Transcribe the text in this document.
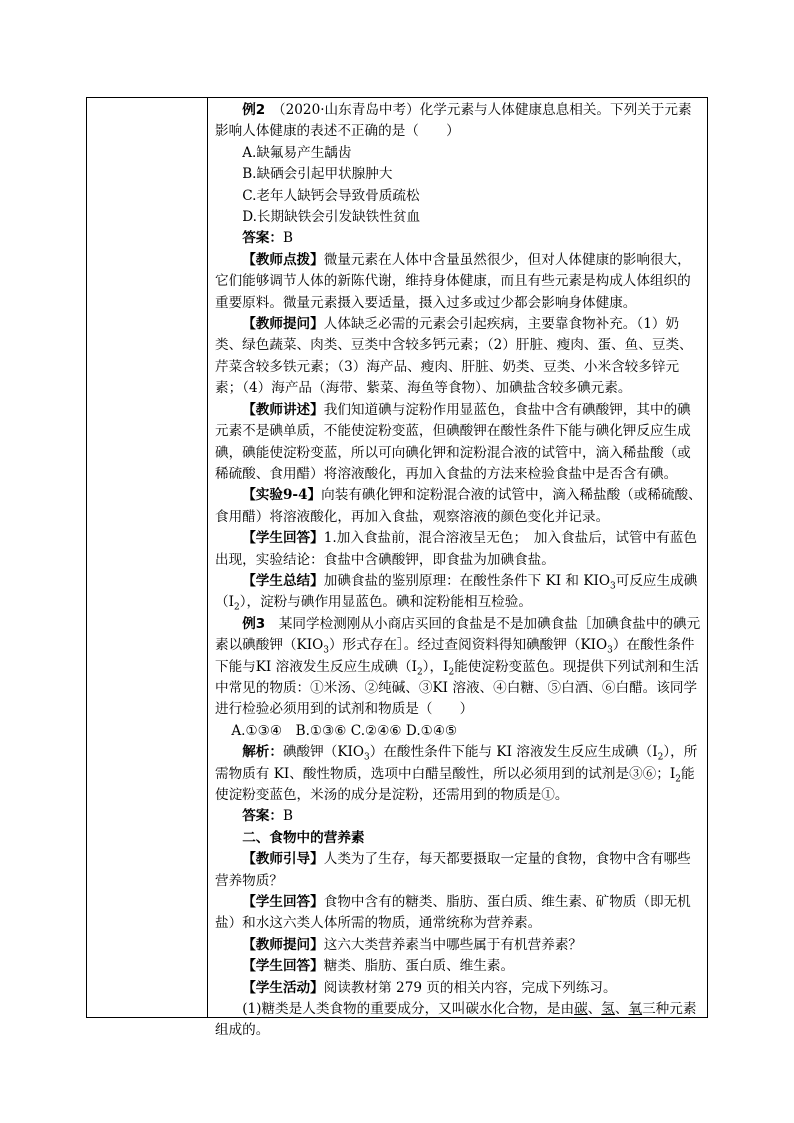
例2　 （2020·山东青岛中考）化学元素与人体健康息息相关。下列关于元素影响人体健康的表述不正确的是（　　）

A.缺氟易产生龋齿

B.缺硒会引起甲状腺肿大

C.老年人缺钙会导致骨质疏松

D.长期缺铁会引发缺铁性贫血

答案：B

【教师点拨】微量元素在人体中含量虽然很少，但对人体健康的影响很大，它们能够调节人体的新陈代谢，维持身体健康，而且有些元素是构成人体组织的重要原料。微量元素摄入要适量，摄入过多或过少都会影响身体健康。

【教师提问】人体缺乏必需的元素会引起疾病，主要靠食物补充。（1）奶类、绿色蔬菜、肉类、豆类中含较多钙元素；（2）肝脏、瘦肉、蛋、鱼、豆类、芹菜含较多铁元素；（3）海产品、瘦肉、肝脏、奶类、豆类、小米含较多锌元素；（4）海产品（海带、紫菜、海鱼等食物）、加碘盐含较多碘元素。

【教师讲述】我们知道碘与淀粉作用显蓝色，食盐中含有碘酸钾，其中的碘元素不是碘单质，不能使淀粉变蓝，但碘酸钾在酸性条件下能与碘化钾反应生成碘，碘能使淀粉变蓝，所以可向碘化钾和淀粉混合液的试管中，滴入稀盐酸（或稀硫酸、食用醋）将溶液酸化，再加入食盐的方法来检验食盐中是否含有碘。

【实验9-4】向装有碘化钾和淀粉混合液的试管中，滴入稀盐酸（或稀硫酸、食用醋）将溶液酸化，再加入食盐，观察溶液的颜色变化并记录。

【学生回答】1.加入食盐前，混合溶液呈无色；　加入食盐后，试管中有蓝色出现，实验结论：食盐中含碘酸钾，即食盐为加碘食盐。

【学生总结】加碘食盐的鉴别原理：在酸性条件下 KI 和 $KIO_3$可反应生成碘$(I_2)$，淀粉与碘作用显蓝色。碘和淀粉能相互检验。

例3　 某同学检测刚从小商店买回的食盐是不是加碘食盐［加碘食盐中的碘元素以碘酸钾$(KIO_3)$形式存在］。经过查阅资料得知碘酸钾$(KIO_3)$在酸性条件下能与KI 溶液发生反应生成碘$(I_2)$，$I_2$能使淀粉变蓝色。现提供下列试剂和生活中常见的物质：①米汤、②纯碱、③KI 溶液、④白糖、⑤白酒、⑥白醋。该同学进行检验必须用到的试剂和物质是（　　）

A.①③④　B.①③⑥ C.②④⑥ D.①④⑤

解析：碘酸钾$(KIO_3)$在酸性条件下能与 KI 溶液发生反应生成碘$(I_2)$，所需物质有 KI、酸性物质，选项中白醋呈酸性，所以必须用到的试剂是③⑥；$I_2$能使淀粉变蓝色，米汤的成分是淀粉，还需用到的物质是①。

答案：B

二、食物中的营养素

【教师引导】人类为了生存，每天都要摄取一定量的食物，食物中含有哪些营养物质？

【学生回答】食物中含有的糖类、脂肪、蛋白质、维生素、矿物质（即无机盐）和水这六类人体所需的物质，通常统称为营养素。

【教师提问】这六大类营养素当中哪些属于有机营养素？

【学生回答】糖类、脂肪、蛋白质、维生素。

【学生活动】阅读教材第 279 页的相关内容，完成下列练习。

(1)糖类是人类食物的重要成分，又叫碳水化合物，是由碳、氢、氧三种元素组成的。
